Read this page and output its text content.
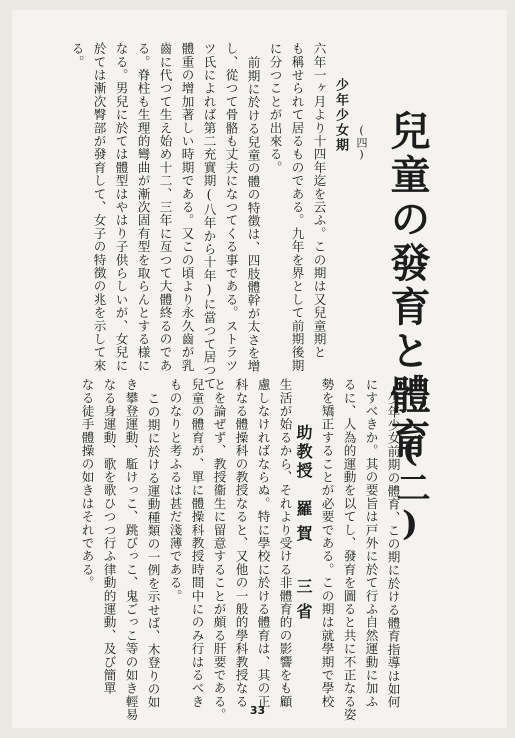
兒童の發育と體育
(二)
助教授
羅賀 三省
(四)
少年少女期
六年一ヶ月より十四年迄を云ふ。この期は又兒童期と
も稱せられて居るものである。九年を界として前期後期
に分つことが出來る。
前期に於ける兒童の體の特徴は、四肢體幹が太さを增
し、從つて骨骼も丈夫になつてくる事である。ストラツ
ツ氏によれば第二充實期(八年から十年)に當つて居つて
體重の增加著しい時期である。又この頃より永久齒が乳
齒に代つて生え始め十二、三年に亙つて大體終るのであ
る。脊柱も生理的彎曲が漸次固有型を取らんとする様に
なる。男兒に於ては體型はやはり子供らしいが、女兒に
於ては漸次臀部が發育して、女子の特徴の兆を示して來
る。
少年少女前期の體育、この期に於ける體育指導は如何
にすべきか。其の要旨は戸外に於て行ふ自然運動に加ふ
るに、人為的運動を以てし、發育を圖ると共に不正なる姿
勢を矯正することが必要である。この期は就學期で學校
生活が始るから、それより受ける非體育的の影響をも顧
慮しなければならぬ。特に學校に於ける體育は、其の正
科なる體操科の教授なると、又他の一般的學科教授なる
とを論ぜず、教授衞生に留意することが頗る肝要である。
兒童の體育が、單に體操科教授時間中にのみ行はるべき
ものなりと考ふるは甚だ淺薄である。
この期に於ける運動種類の一例を示せば、木登りの如
き攀登運動、駈けっこ、跳びっこ、鬼ごっこ等の如き輕易
なる身運動、歌を歌ひつつ行ふ律動的運動、及び簡單
なる徒手體操の如きはそれである。
33
